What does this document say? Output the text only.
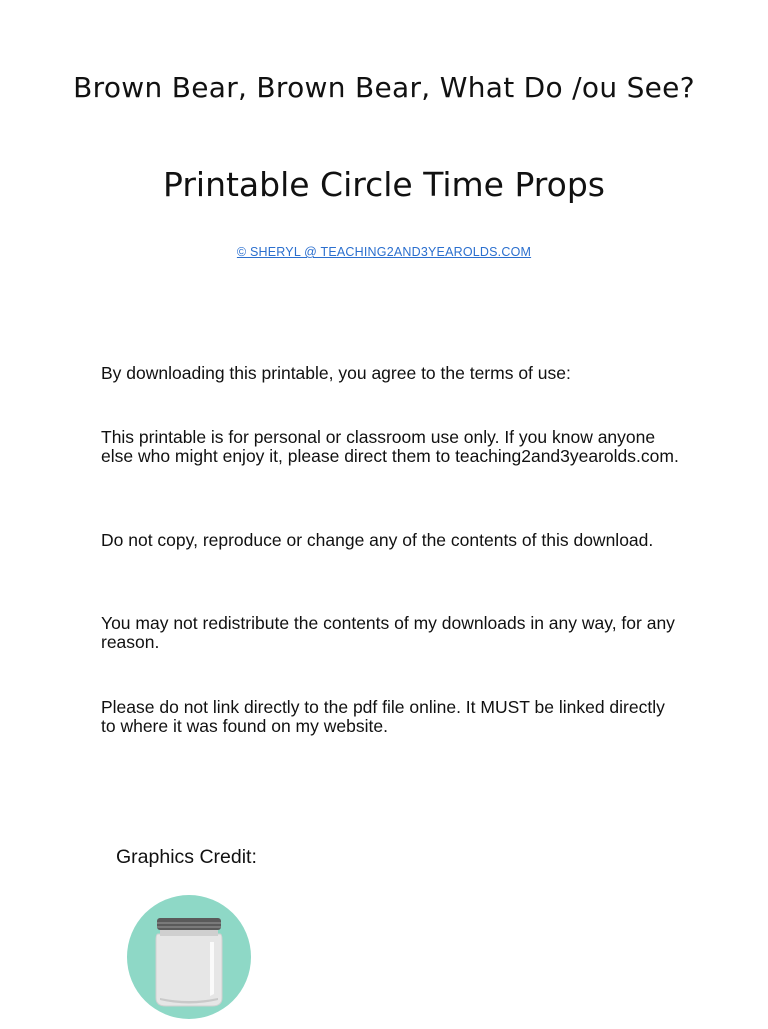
Brown Bear, Brown Bear, What Do /ou See?
Printable Circle Time Props
© SHERYL @ TEACHING2AND3YEAROLDS.COM

By downloading this printable, you agree to the terms of use:

This printable is for personal or classroom use only. If you know anyone else who might enjoy it, please direct them to teaching2and3yearolds.com.

Do not copy, reproduce or change any of the contents of this download.

You may not redistribute the contents of my downloads in any way, for any reason.

Please do not link directly to the pdf file online. It MUST be linked directly to where it was found on my website.

Graphics Credit:
